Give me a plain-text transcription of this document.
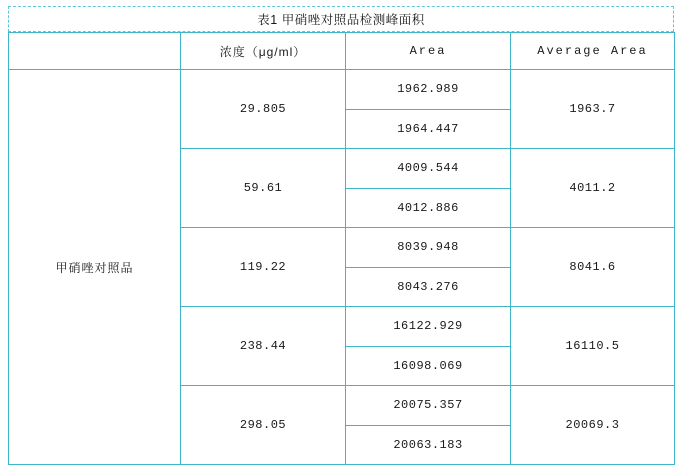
表1 甲硝唑对照品检测峰面积
	浓度（μg/ml）	Area	Average Area
甲硝唑对照品	29.805	1962.989	1963.7
		1964.447	
	59.61	4009.544	4011.2
		4012.886	
	119.22	8039.948	8041.6
		8043.276	
	238.44	16122.929	16110.5
		16098.069	
	298.05	20075.357	20069.3
		20063.183	
